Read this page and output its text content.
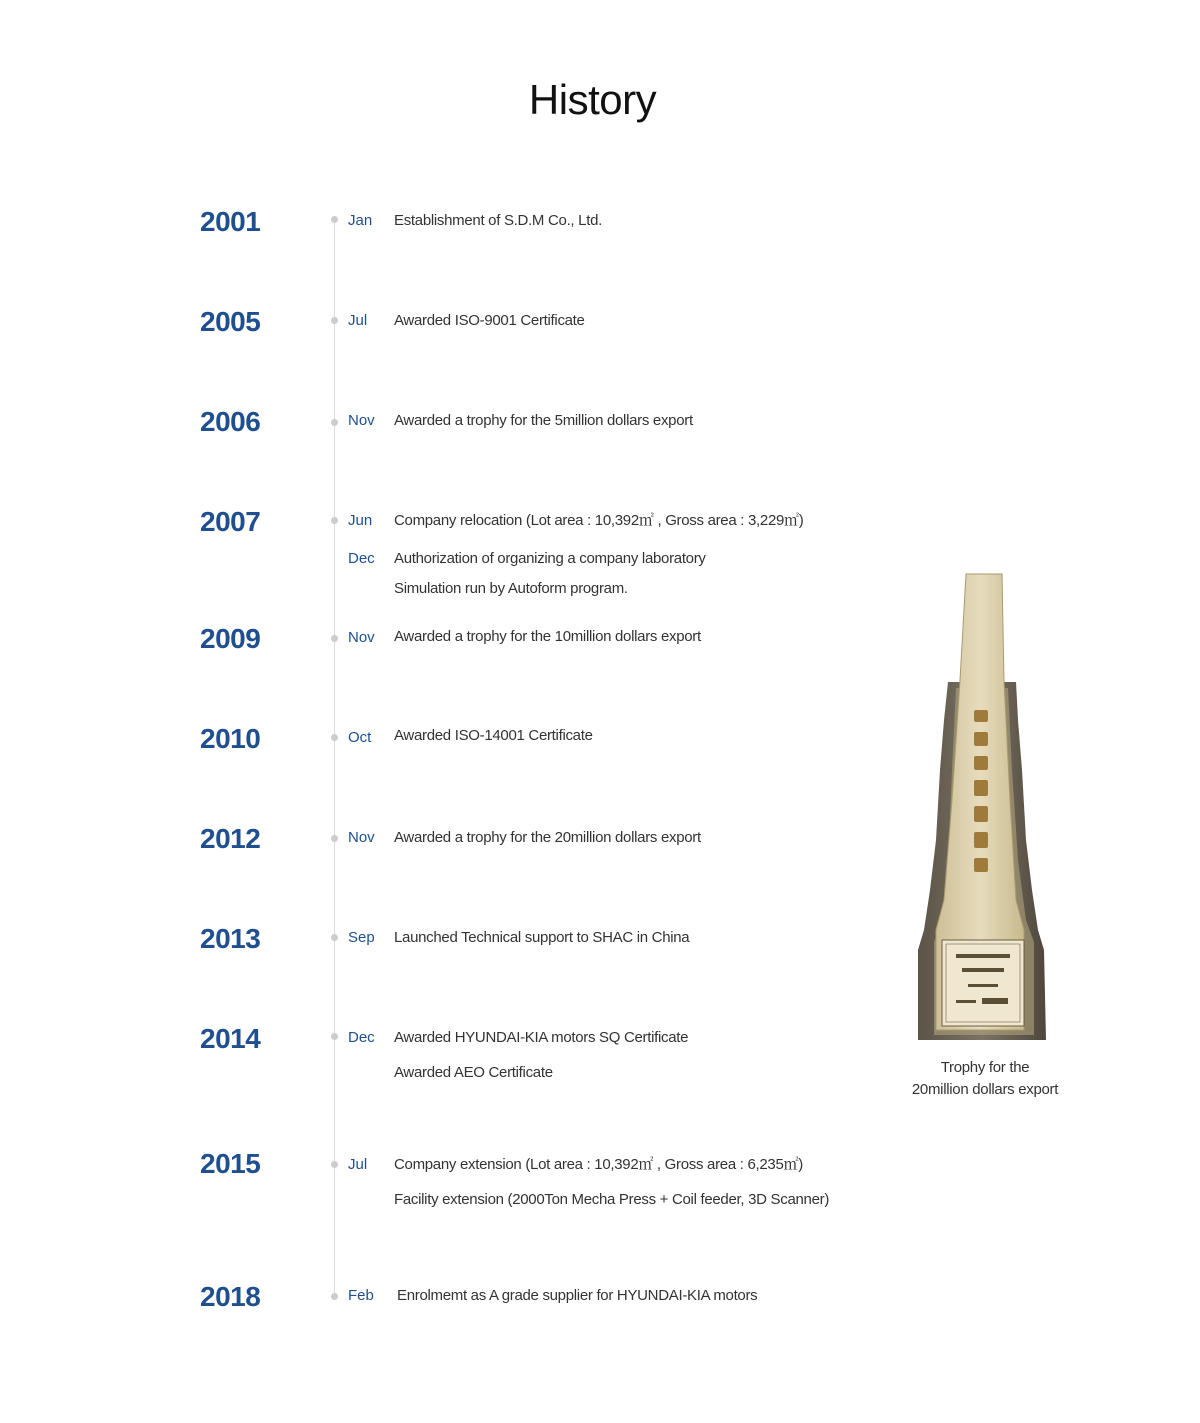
History
2001	Jan Establishment of S.D.M Co., Ltd.
2005	Jul Awarded ISO-9001 Certificate
2006	Nov Awarded a trophy for the 5million dollars export
2007	Jun Company relocation (Lot area : 10,392㎡ , Gross area : 3,229㎡)
Dec Authorization of organizing a company laboratory
Simulation run by Autoform program.
2009	Nov Awarded a trophy for the 10million dollars export
2010	Oct Awarded ISO-14001 Certificate
2012	Nov Awarded a trophy for the 20million dollars export
2013	Sep Launched Technical support to SHAC in China
2014	Dec Awarded HYUNDAI-KIA motors SQ Certificate
Awarded AEO Certificate
2015	Jul Company extension (Lot area : 10,392㎡ , Gross area : 6,235㎡)
Facility extension (2000Ton Mecha Press + Coil feeder, 3D Scanner)
2018	Feb Enrolmemt as A grade supplier for HYUNDAI-KIA motors
Trophy for the
20million dollars export
